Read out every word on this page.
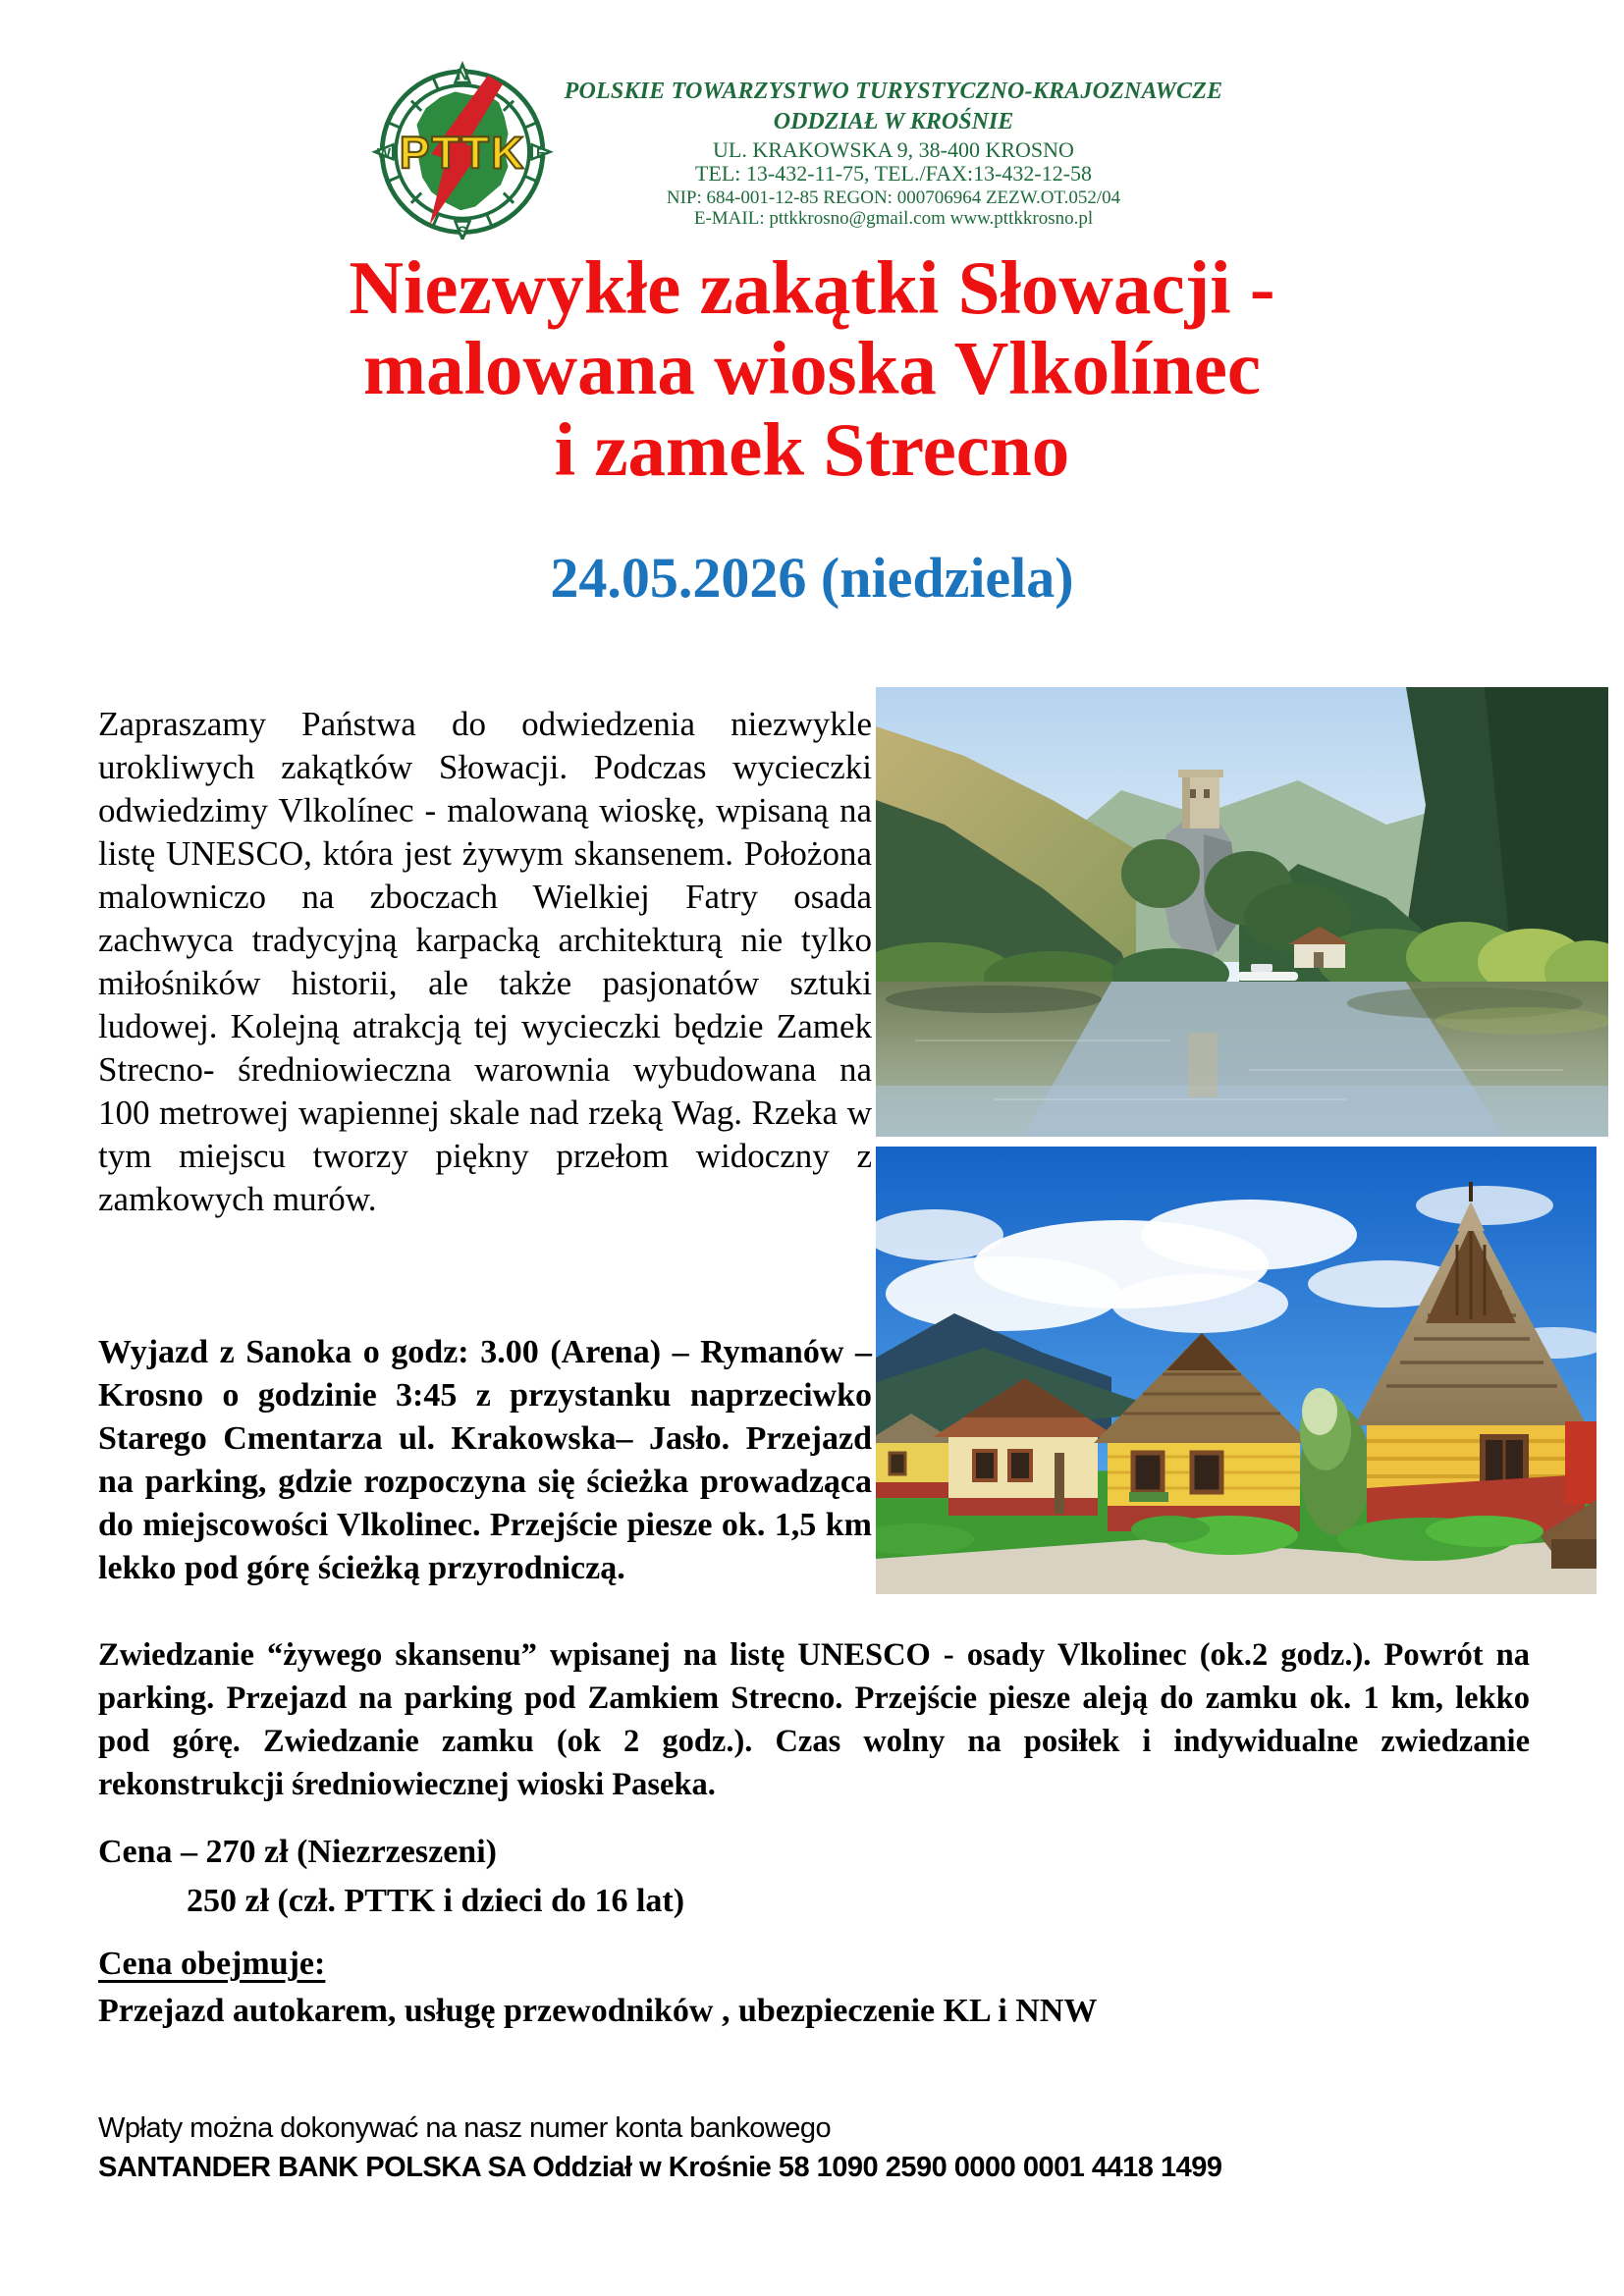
N
E
S
W PTTK
POLSKIE TOWARZYSTWO TURYSTYCZNO-KRAJOZNAWCZE
ODDZIAŁ W KROŚNIE
UL. KRAKOWSKA 9, 38-400 KROSNO
TEL: 13-432-11-75, TEL./FAX:13-432-12-58
NIP: 684-001-12-85 REGON: 000706964 ZEZW.OT.052/04
E-MAIL: pttkkrosno@gmail.com www.pttkkrosno.pl
Niezwykłe zakątki Słowacji -
malowana wioska Vlkolínec
i zamek Strecno
24.05.2026 (niedziela)
Zapraszamy Państwa do odwiedzenia niezwykle urokliwych zakątków Słowacji. Podczas wycieczki odwiedzimy Vlkolínec - malowaną wioskę, wpisaną na listę UNESCO, która jest żywym skansenem. Położona malowniczo na zboczach Wielkiej Fatry osada zachwyca tradycyjną karpacką architekturą nie tylko miłośników historii, ale także pasjonatów sztuki ludowej. Kolejną atrakcją tej wycieczki będzie Zamek Strecno- średniowieczna warownia wybudowana na 100 metrowej wapiennej skale nad rzeką Wag. Rzeka w tym miejscu tworzy piękny przełom widoczny z zamkowych murów.
Wyjazd z Sanoka o godz: 3.00 (Arena) – Rymanów – Krosno o godzinie 3:45 z przystanku naprzeciwko Starego Cmentarza ul. Krakowska– Jasło. Przejazd na parking, gdzie rozpoczyna się ścieżka prowadząca do miejscowości Vlkolinec. Przejście piesze ok. 1,5 km lekko pod górę ścieżką przyrodniczą.
Zwiedzanie “żywego skansenu” wpisanej na listę UNESCO - osady Vlkolinec (ok.2 godz.). Powrót na parking. Przejazd na parking pod Zamkiem Strecno. Przejście piesze aleją do zamku ok. 1 km, lekko pod górę. Zwiedzanie zamku (ok 2 godz.). Czas wolny na posiłek i indywidualne zwiedzanie rekonstrukcji średniowiecznej wioski Paseka.
Cena – 270 zł (Niezrzeszeni)
250 zł (czł. PTTK i dzieci do 16 lat)
Cena obejmuje:
Przejazd autokarem, usługę przewodników , ubezpieczenie KL i NNW
Wpłaty można dokonywać na nasz numer konta bankowego
SANTANDER BANK POLSKA SA Oddział w Krośnie 58 1090 2590 0000 0001 4418 1499
